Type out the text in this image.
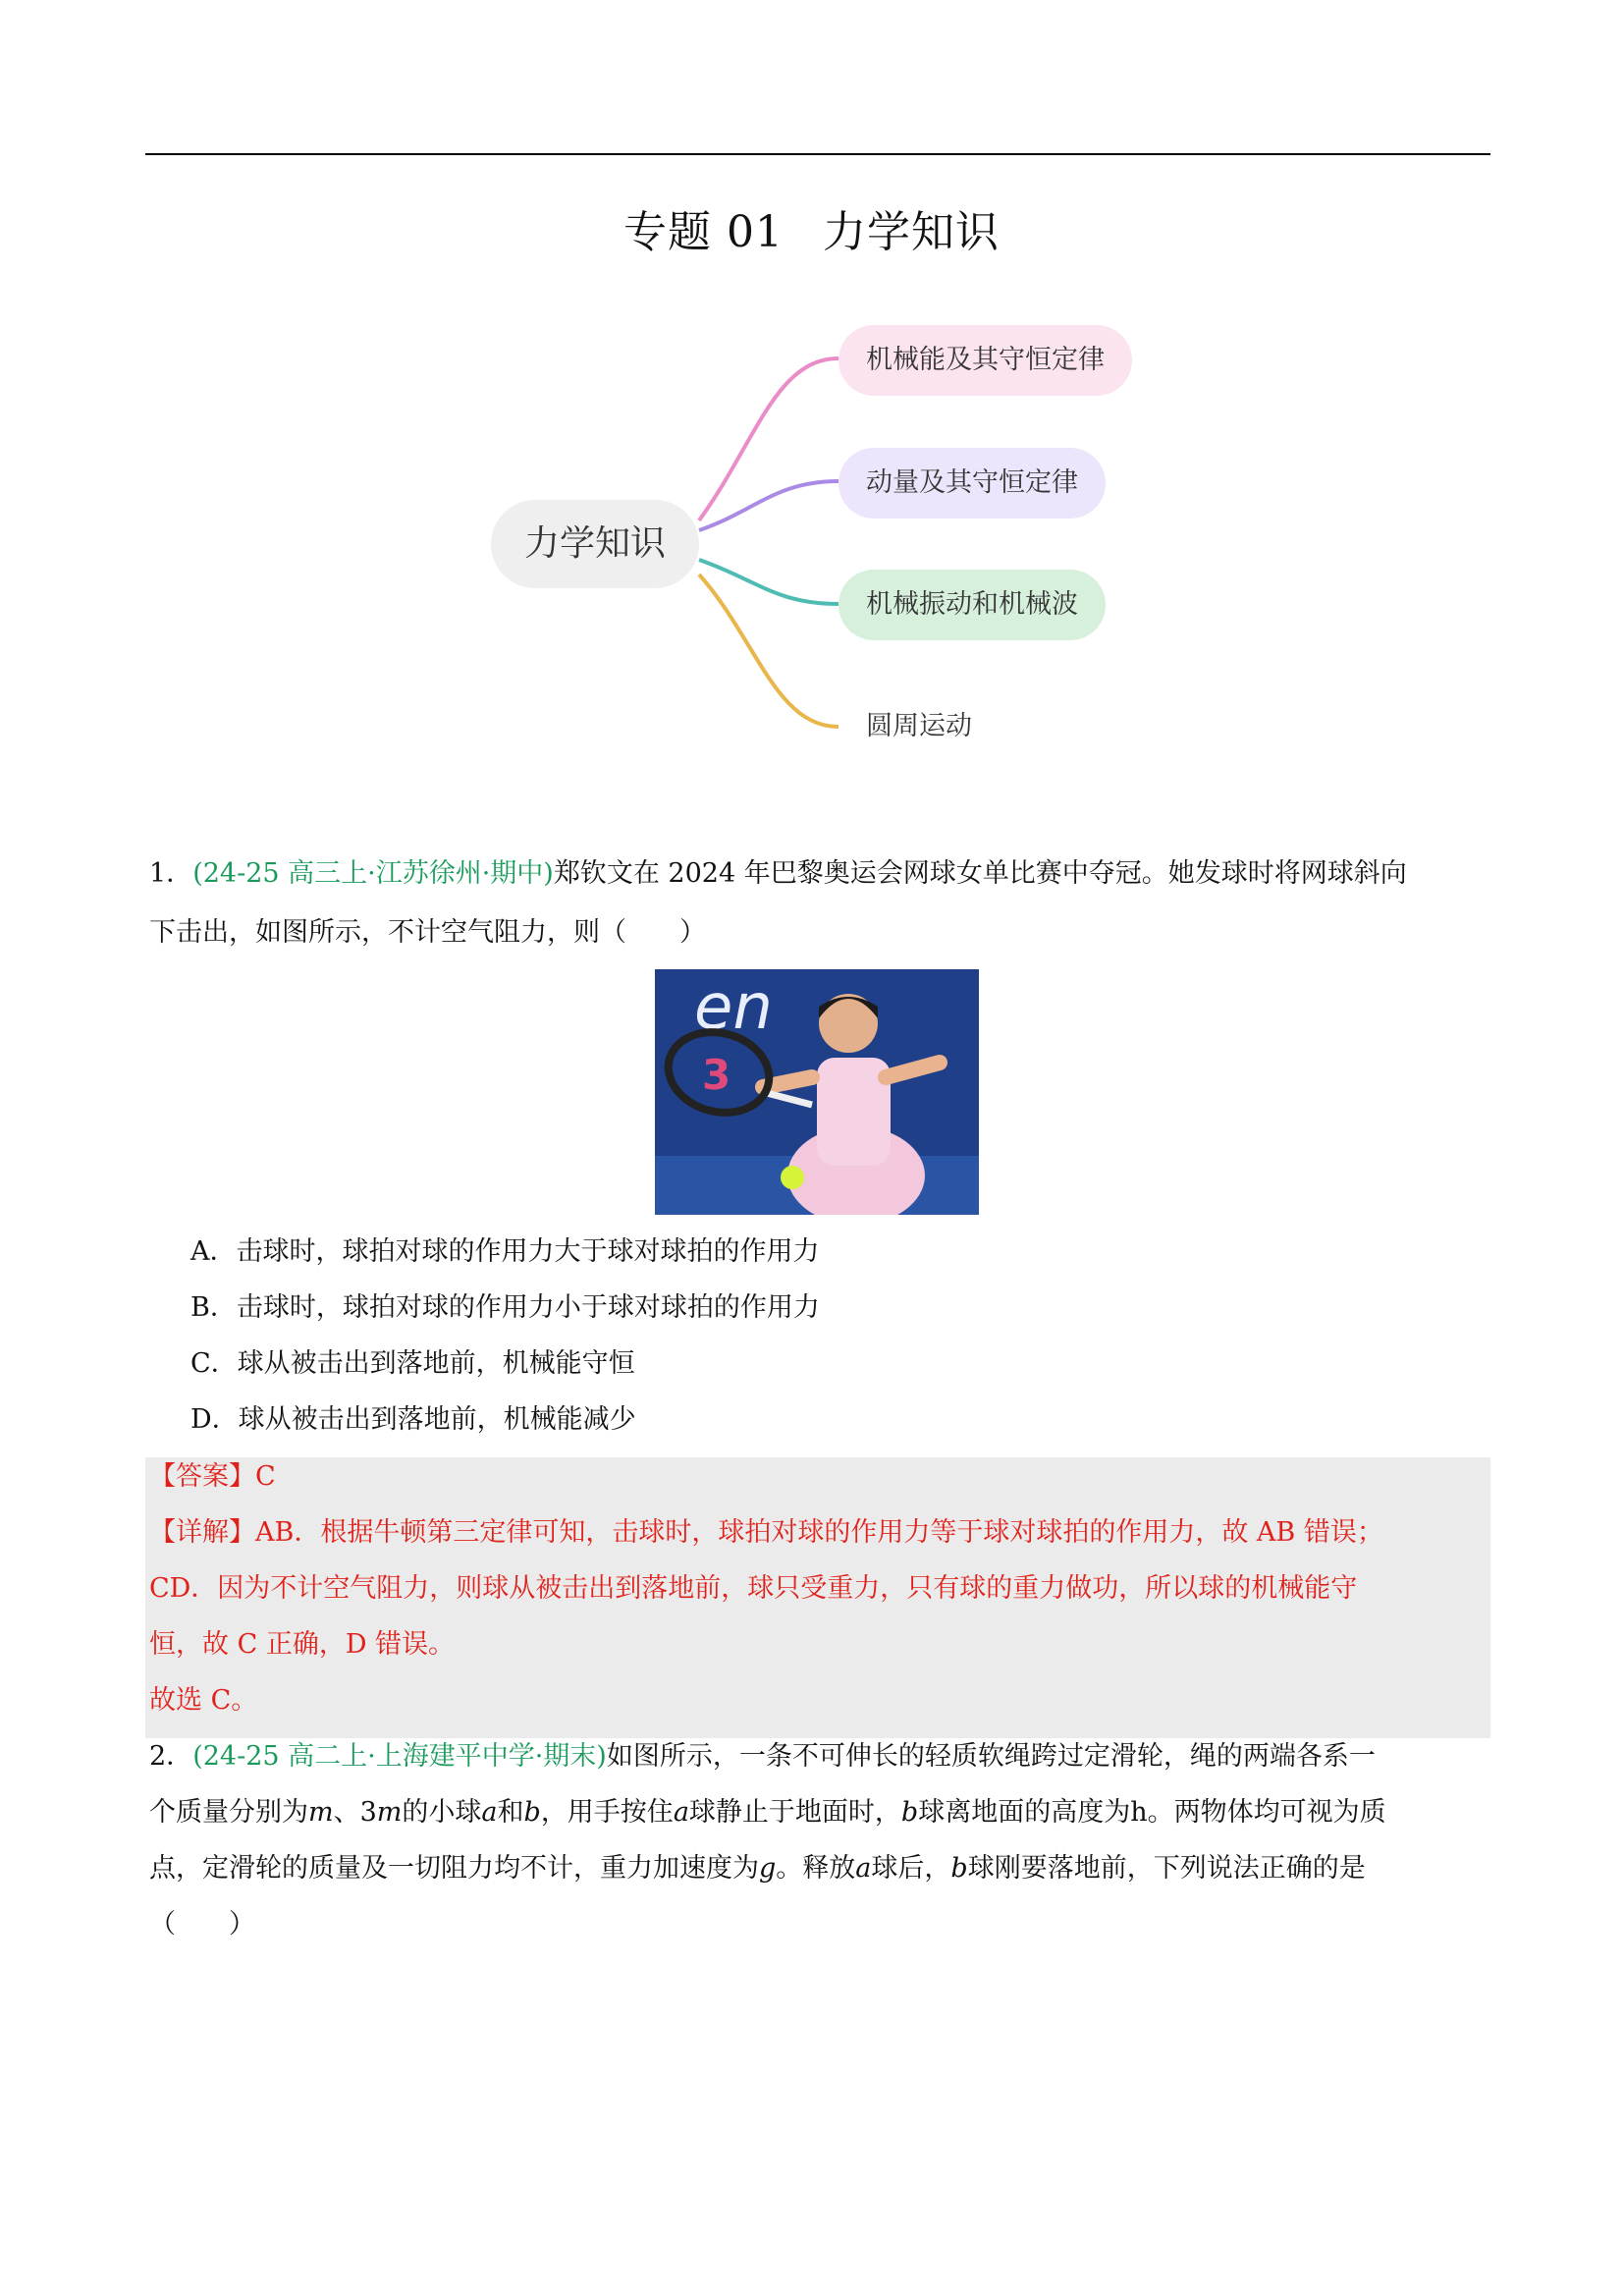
专题 01 力学知识
力学知识
机械能及其守恒定律
动量及其守恒定律
机械振动和机械波
圆周运动
1．(24-25 高三上·江苏徐州·期中)郑钦文在 2024 年巴黎奥运会网球女单比赛中夺冠。她发球时将网球斜向
下击出，如图所示，不计空气阻力，则（　　）
en
3
A．击球时，球拍对球的作用力大于球对球拍的作用力
B．击球时，球拍对球的作用力小于球对球拍的作用力
C．球从被击出到落地前，机械能守恒
D．球从被击出到落地前，机械能减少
【答案】C
【详解】AB．根据牛顿第三定律可知，击球时，球拍对球的作用力等于球对球拍的作用力，故 AB 错误；
CD．因为不计空气阻力，则球从被击出到落地前，球只受重力，只有球的重力做功，所以球的机械能守
恒，故 C 正确，D 错误。
故选 C。
2．(24-25 高二上·上海建平中学·期末)如图所示，一条不可伸长的轻质软绳跨过定滑轮，绳的两端各系一
个质量分别为m、3m的小球a和b，用手按住a球静止于地面时，b球离地面的高度为h。两物体均可视为质
点，定滑轮的质量及一切阻力均不计，重力加速度为g。释放a球后，b球刚要落地前，下列说法正确的是
（　　）
